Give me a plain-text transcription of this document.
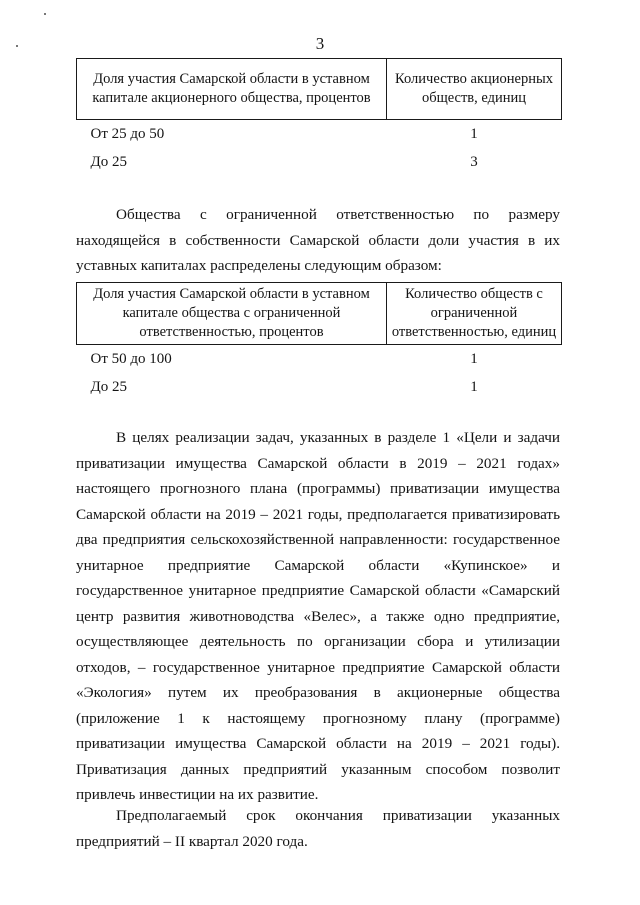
3
Доля участия Самарской области в уставном капитале акционерного общества, процентов	Количество акционерных обществ, единиц
От 25 до 50	1
До 25	3

Общества с ограниченной ответственностью по размеру находящейся в собственности Самарской области доли участия в их уставных капиталах распределены следующим образом:

Доля участия Самарской области в уставном капитале общества с ограниченной ответственностью, процентов	Количество обществ с ограниченной ответственностью, единиц
От 50 до 100	1
До 25	1

В целях реализации задач, указанных в разделе 1 «Цели и задачи приватизации имущества Самарской области в 2019 – 2021 годах» настоящего прогнозного плана (программы) приватизации имущества Самарской области на 2019 – 2021 годы, предполагается приватизировать два предприятия сельскохозяйственной направленности: государственное унитарное предприятие Самарской области «Купинское» и государственное унитарное предприятие Самарской области «Самарский центр развития животноводства «Велес», а также одно предприятие, осуществляющее деятельность по организации сбора и утилизации отходов, – государственное унитарное предприятие Самарской области «Экология» путем их преобразования в акционерные общества (приложение 1 к настоящему прогнозному плану (программе) приватизации имущества Самарской области на 2019 – 2021 годы). Приватизация данных предприятий указанным способом позволит привлечь инвестиции на их развитие.

Предполагаемый срок окончания приватизации указанных предприятий – II квартал 2020 года.
